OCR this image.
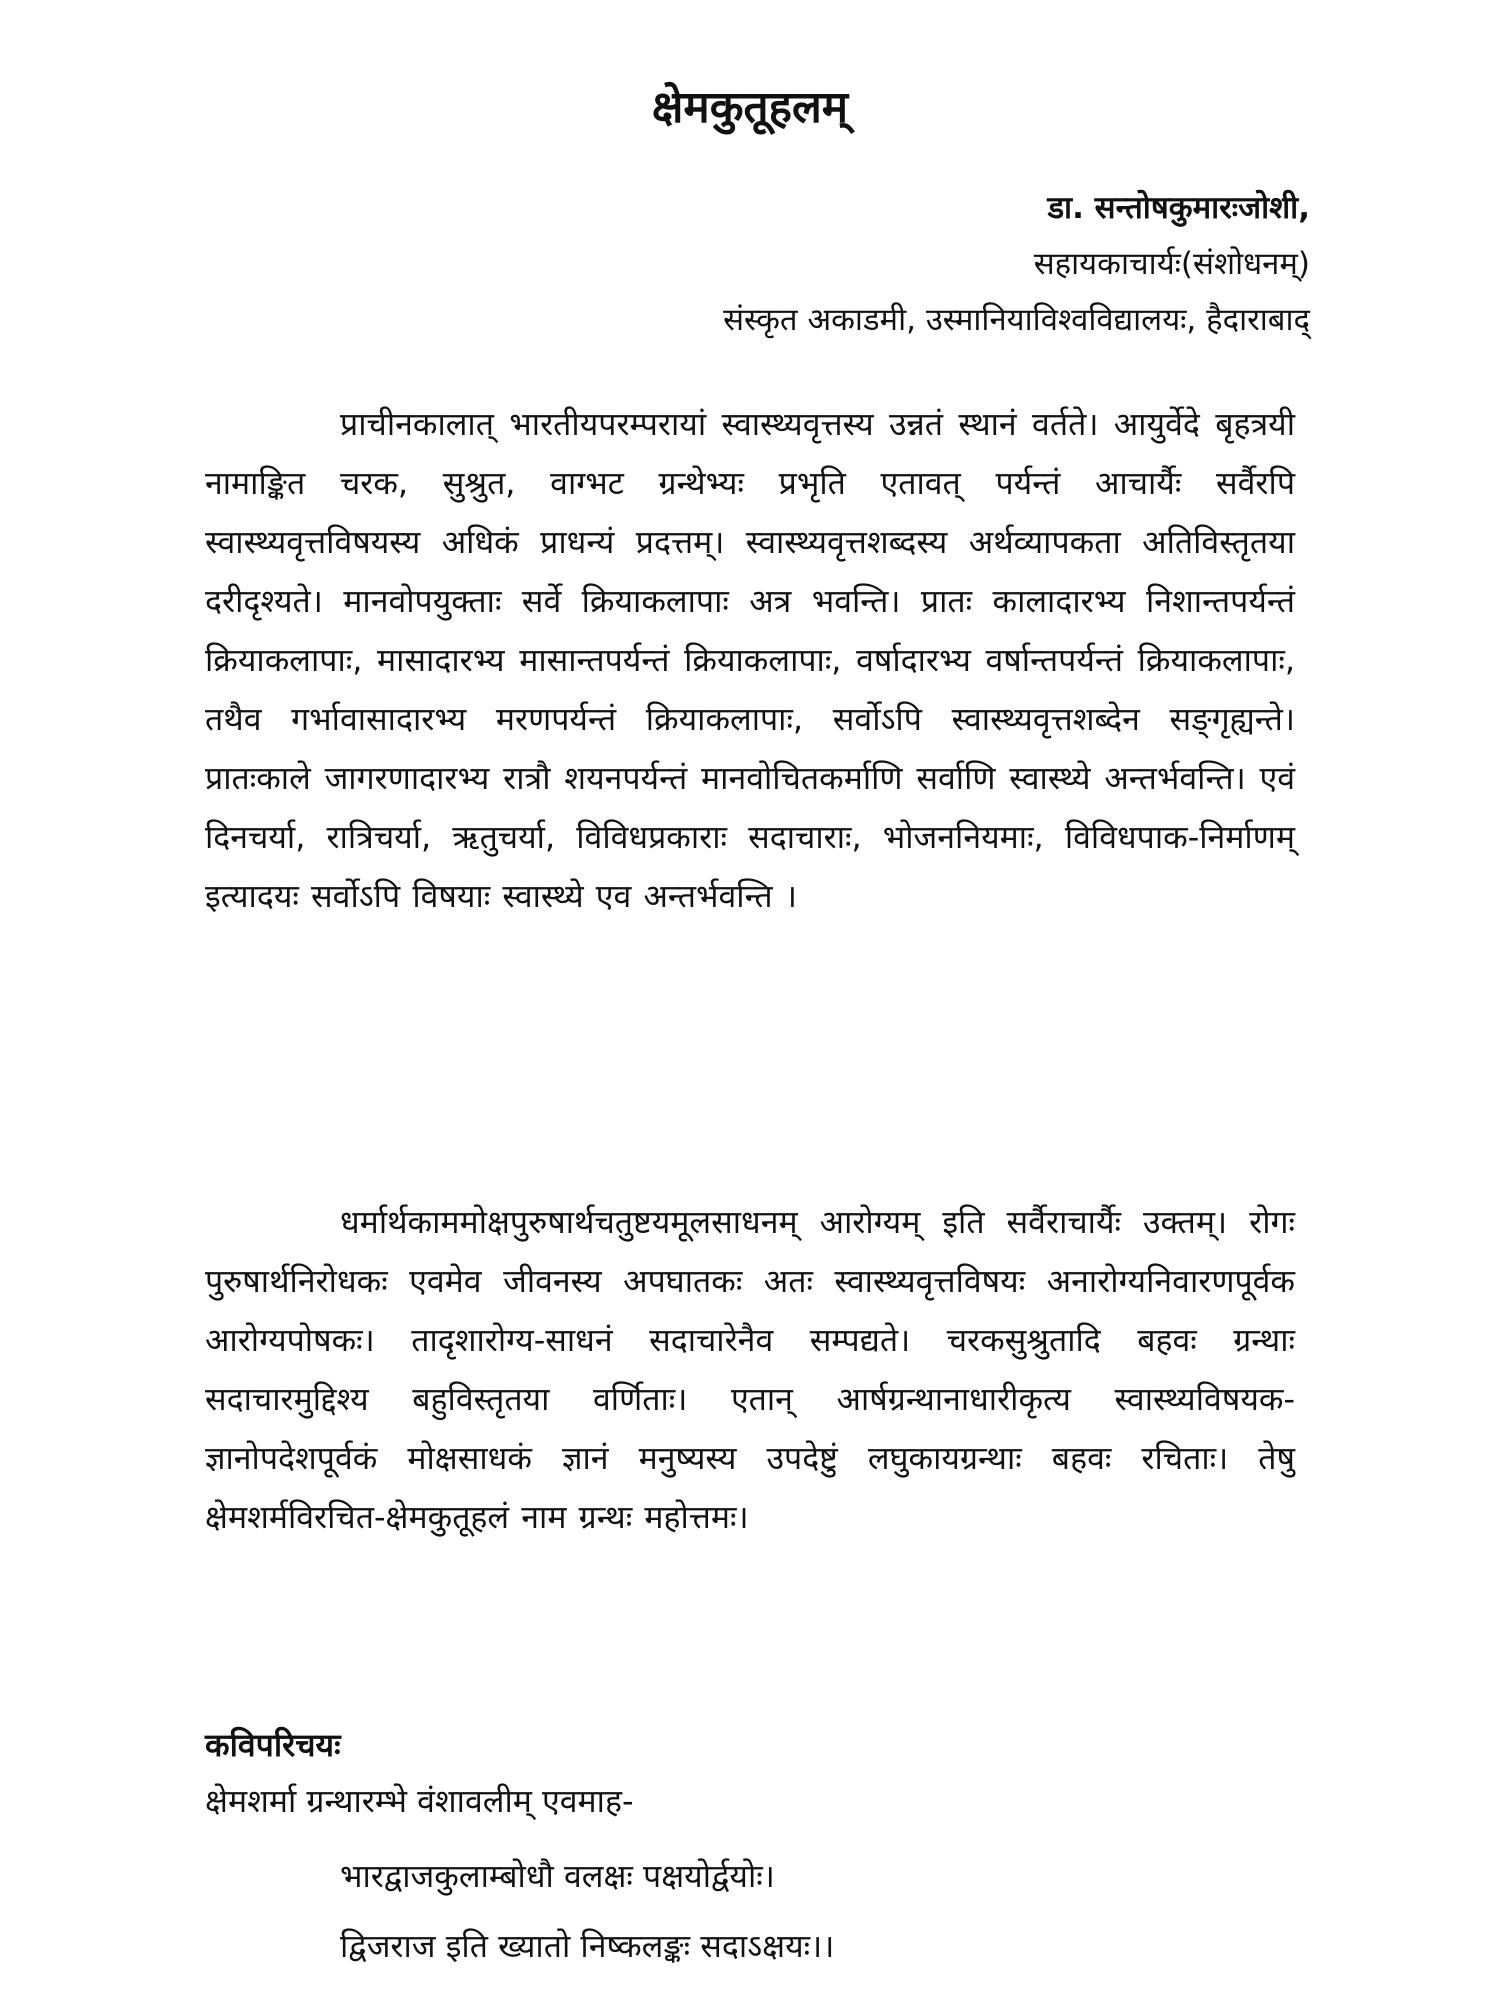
क्षेमकुतूहलम्
डा. सन्तोषकुमारःजोशी,
सहायकाचार्यः(संशोधनम्)
संस्कृत अकाडमी, उस्मानियाविश्वविद्यालयः, हैदाराबाद्

प्राचीनकालात् भारतीयपरम्परायां स्वास्थ्यवृत्तस्य उन्नतं स्थानं वर्तते। आयुर्वेदे बृहत्रयी नामाङ्कित चरक, सुश्रुत, वाग्भट ग्रन्थेभ्यः प्रभृति एतावत् पर्यन्तं आचार्यैः सर्वैरपि स्वास्थ्यवृत्तविषयस्य अधिकं प्राधन्यं प्रदत्तम्। स्वास्थ्यवृत्तशब्दस्य अर्थव्यापकता अतिविस्तृतया दरीदृश्यते। मानवोपयुक्ताः सर्वे क्रियाकलापाः अत्र भवन्ति। प्रातः कालादारभ्य निशान्तपर्यन्तं क्रियाकलापाः, मासादारभ्य मासान्तपर्यन्तं क्रियाकलापाः, वर्षादारभ्य वर्षान्तपर्यन्तं क्रियाकलापाः, तथैव गर्भावासादारभ्य मरणपर्यन्तं क्रियाकलापाः, सर्वोऽपि स्वास्थ्यवृत्तशब्देन सङ्गृह्यन्ते। प्रातःकाले जागरणादारभ्य रात्रौ शयनपर्यन्तं मानवोचितकर्माणि सर्वाणि स्वास्थ्ये अन्तर्भवन्ति। एवं दिनचर्या, रात्रिचर्या, ऋतुचर्या, विविधप्रकाराः सदाचाराः, भोजननियमाः, विविधपाक-निर्माणम् इत्यादयः सर्वोऽपि विषयाः स्वास्थ्ये एव अन्तर्भवन्ति ।

धर्मार्थकाममोक्षपुरुषार्थचतुष्टयमूलसाधनम् आरोग्यम् इति सर्वैराचार्यैः उक्तम्। रोगः पुरुषार्थनिरोधकः एवमेव जीवनस्य अपघातकः अतः स्वास्थ्यवृत्तविषयः अनारोग्यनिवारणपूर्वक आरोग्यपोषकः। तादृशारोग्य-साधनं सदाचारेनैव सम्पद्यते। चरकसुश्रुतादि बहवः ग्रन्थाः सदाचारमुद्दिश्य बहुविस्तृतया वर्णिताः। एतान् आर्षग्रन्थानाधारीकृत्य स्वास्थ्यविषयक-ज्ञानोपदेशपूर्वकं मोक्षसाधकं ज्ञानं मनुष्यस्य उपदेष्टुं लघुकायग्रन्थाः बहवः रचिताः। तेषु क्षेमशर्मविरचित-क्षेमकुतूहलं नाम ग्रन्थः महोत्तमः।

कविपरिचयः
क्षेमशर्मा ग्रन्थारम्भे वंशावलीम् एवमाह-
भारद्वाजकुलाम्बोधौ वलक्षः पक्षयोर्द्वयोः।
द्विजराज इति ख्यातो निष्कलङ्कः सदाऽक्षयः।।
